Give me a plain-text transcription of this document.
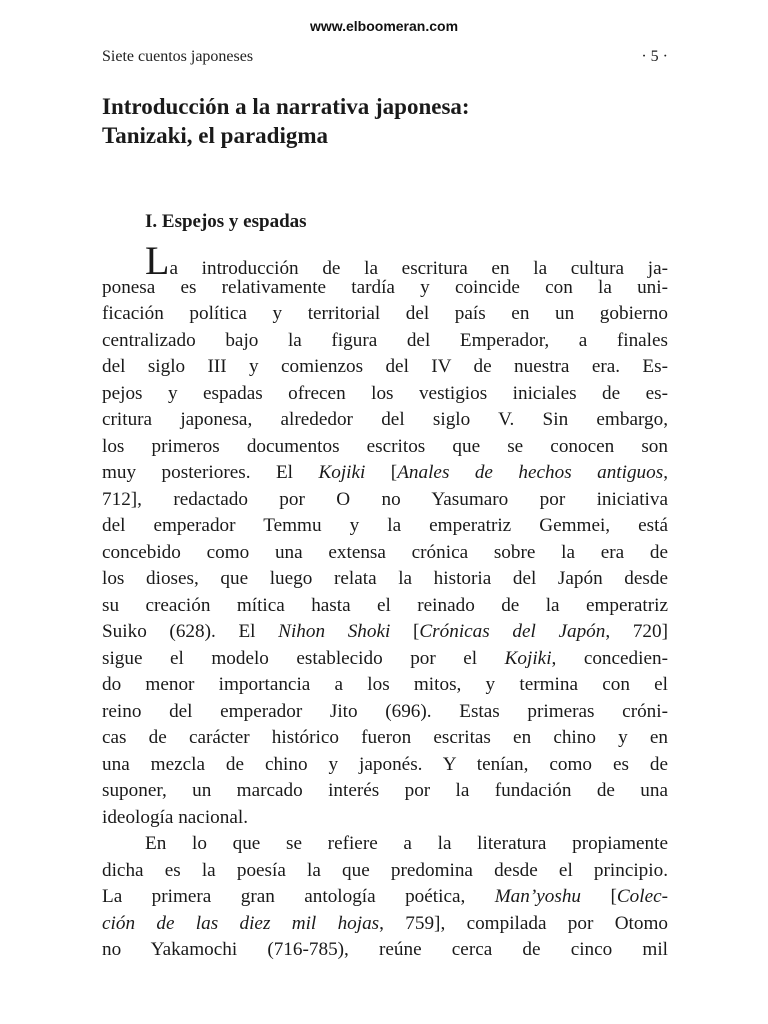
www.elboomeran.com
Siete cuentos japoneses	· 5 ·
Introducción a la narrativa japonesa:
Tanizaki, el paradigma
I. Espejos y espadas
La introducción de la escritura en la cultura ja-
ponesa es relativamente tardía y coincide con la uni-
ficación política y territorial del país en un gobierno
centralizado bajo la figura del Emperador, a finales
del siglo III y comienzos del IV de nuestra era. Es-
pejos y espadas ofrecen los vestigios iniciales de es-
critura japonesa, alrededor del siglo V. Sin embargo,
los primeros documentos escritos que se conocen son
muy posteriores. El Kojiki [Anales de hechos antiguos,
712], redactado por O no Yasumaro por iniciativa
del emperador Temmu y la emperatriz Gemmei, está
concebido como una extensa crónica sobre la era de
los dioses, que luego relata la historia del Japón desde
su creación mítica hasta el reinado de la emperatriz
Suiko (628). El Nihon Shoki [Crónicas del Japón, 720]
sigue el modelo establecido por el Kojiki, concedien-
do menor importancia a los mitos, y termina con el
reino del emperador Jito (696). Estas primeras cróni-
cas de carácter histórico fueron escritas en chino y en
una mezcla de chino y japonés. Y tenían, como es de
suponer, un marcado interés por la fundación de una
ideología nacional.
En lo que se refiere a la literatura propiamente
dicha es la poesía la que predomina desde el principio.
La primera gran antología poética, Man’yoshu [Colec-
ción de las diez mil hojas, 759], compilada por Otomo
no Yakamochi (716-785), reúne cerca de cinco mil
